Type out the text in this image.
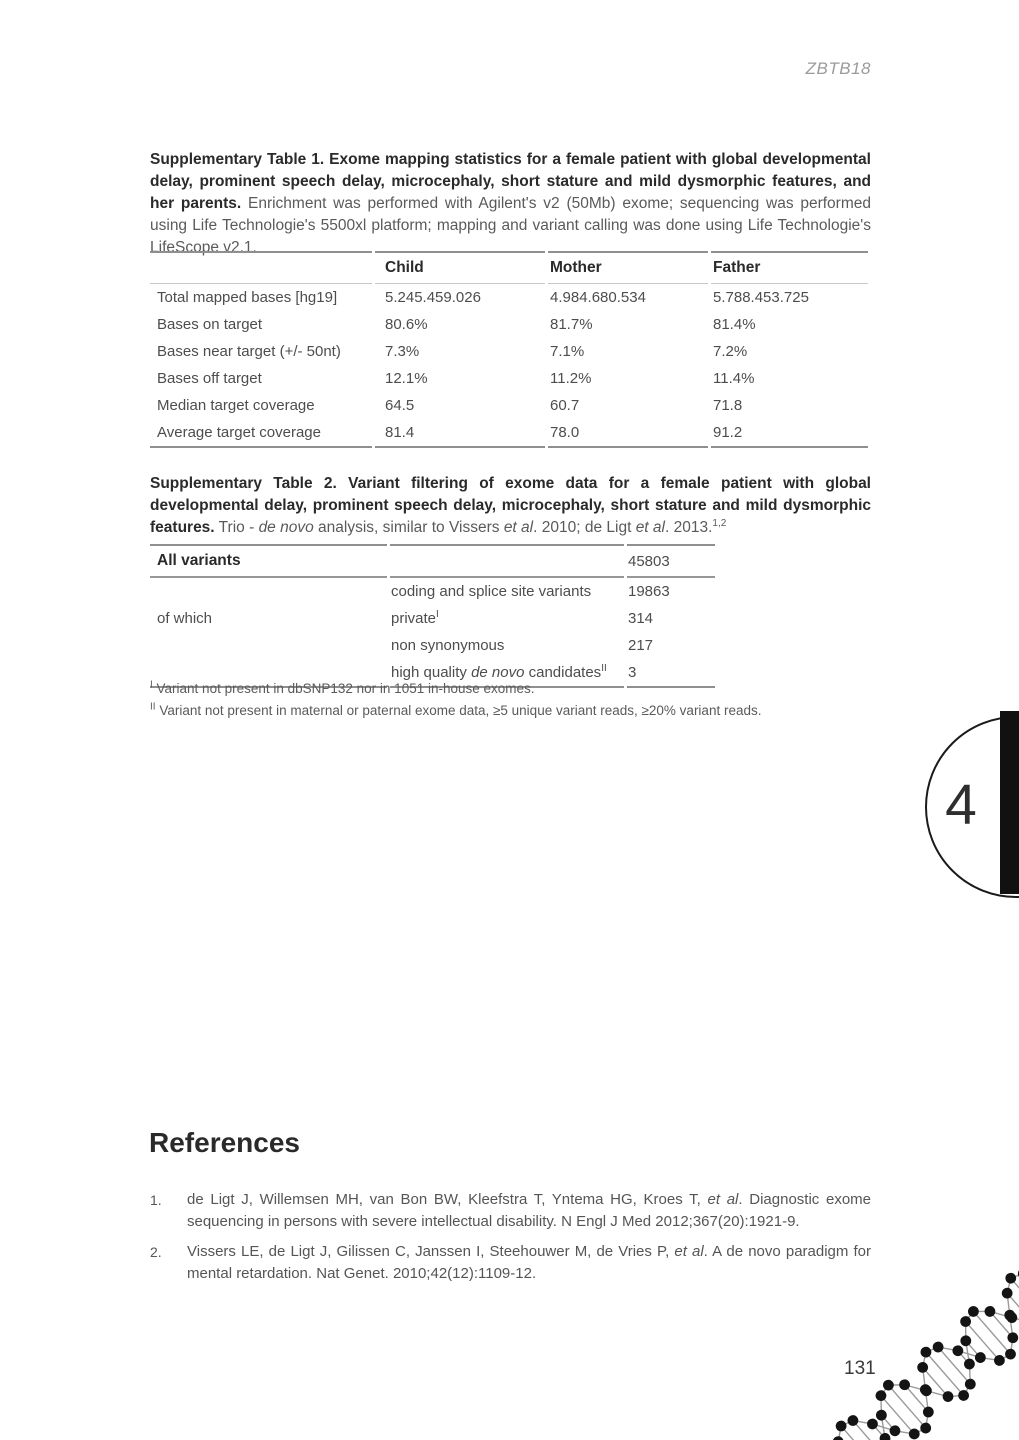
ZBTB18
Supplementary Table 1. Exome mapping statistics for a female patient with global developmental delay, prominent speech delay, microcephaly, short stature and mild dysmorphic features, and her parents. Enrichment was performed with Agilent's v2 (50Mb) exome; sequencing was performed using Life Technologie's 5500xl platform; mapping and variant calling was done using Life Technologie's LifeScope v2.1.
	Child	Mother	Father
Total mapped bases [hg19]	5.245.459.026	4.984.680.534	5.788.453.725
Bases on target	80.6%	81.7%	81.4%
Bases near target (+/- 50nt)	7.3%	7.1%	7.2%
Bases off target	12.1%	11.2%	11.4%
Median target coverage	64.5	60.7	71.8
Average target coverage	81.4	78.0	91.2
Supplementary Table 2. Variant filtering of exome data for a female patient with global developmental delay, prominent speech delay, microcephaly, short stature and mild dysmorphic features. Trio - de novo analysis, similar to Vissers et al. 2010; de Ligt et al. 2013.$^{1,2}$
All variants		45803
of which	coding and splice site variants	19863
	private$^I$	314
	non synonymous	217
	high quality de novo candidates$^{II}$	3
$^I$ Variant not present in dbSNP132 nor in 1051 in-house exomes.
$^{II}$ Variant not present in maternal or paternal exome data, ≥5 unique variant reads, ≥20% variant reads.
4
References
1.	de Ligt J, Willemsen MH, van Bon BW, Kleefstra T, Yntema HG, Kroes T, et al. Diagnostic exome sequencing in persons with severe intellectual disability. N Engl J Med 2012;367(20):1921-9.
2.	Vissers LE, de Ligt J, Gilissen C, Janssen I, Steehouwer M, de Vries P, et al. A de novo paradigm for mental retardation. Nat Genet. 2010;42(12):1109-12.
131
